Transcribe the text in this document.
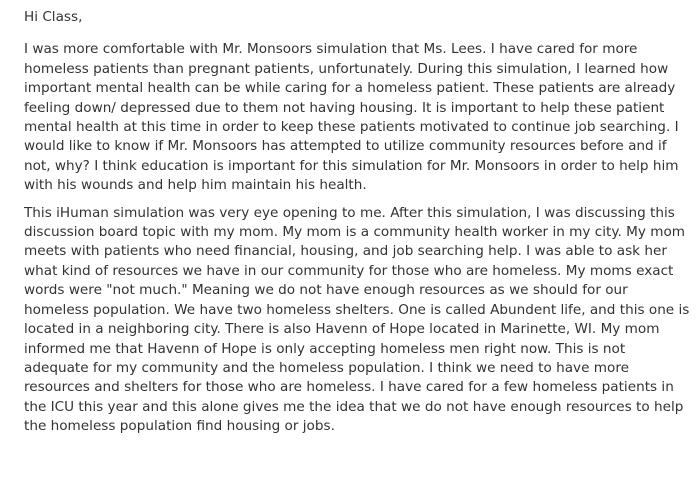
Hi Class,

I was more comfortable with Mr. Monsoors simulation that Ms. Lees. I have cared for more homeless patients than pregnant patients, unfortunately. During this simulation, I learned how important mental health can be while caring for a homeless patient. These patients are already feeling down/ depressed due to them not having housing. It is important to help these patient mental health at this time in order to keep these patients motivated to continue job searching. I would like to know if Mr. Monsoors has attempted to utilize community resources before and if not, why? I think education is important for this simulation for Mr. Monsoors in order to help him with his wounds and help him maintain his health.

This iHuman simulation was very eye opening to me. After this simulation, I was discussing this discussion board topic with my mom. My mom is a community health worker in my city. My mom meets with patients who need financial, housing, and job searching help. I was able to ask her what kind of resources we have in our community for those who are homeless. My moms exact words were "not much." Meaning we do not have enough resources as we should for our homeless population. We have two homeless shelters. One is called Abundent life, and this one is located in a neighboring city. There is also Havenn of Hope located in Marinette, WI. My mom informed me that Havenn of Hope is only accepting homeless men right now. This is not adequate for my community and the homeless population. I think we need to have more resources and shelters for those who are homeless. I have cared for a few homeless patients in the ICU this year and this alone gives me the idea that we do not have enough resources to help the homeless population find housing or jobs.
